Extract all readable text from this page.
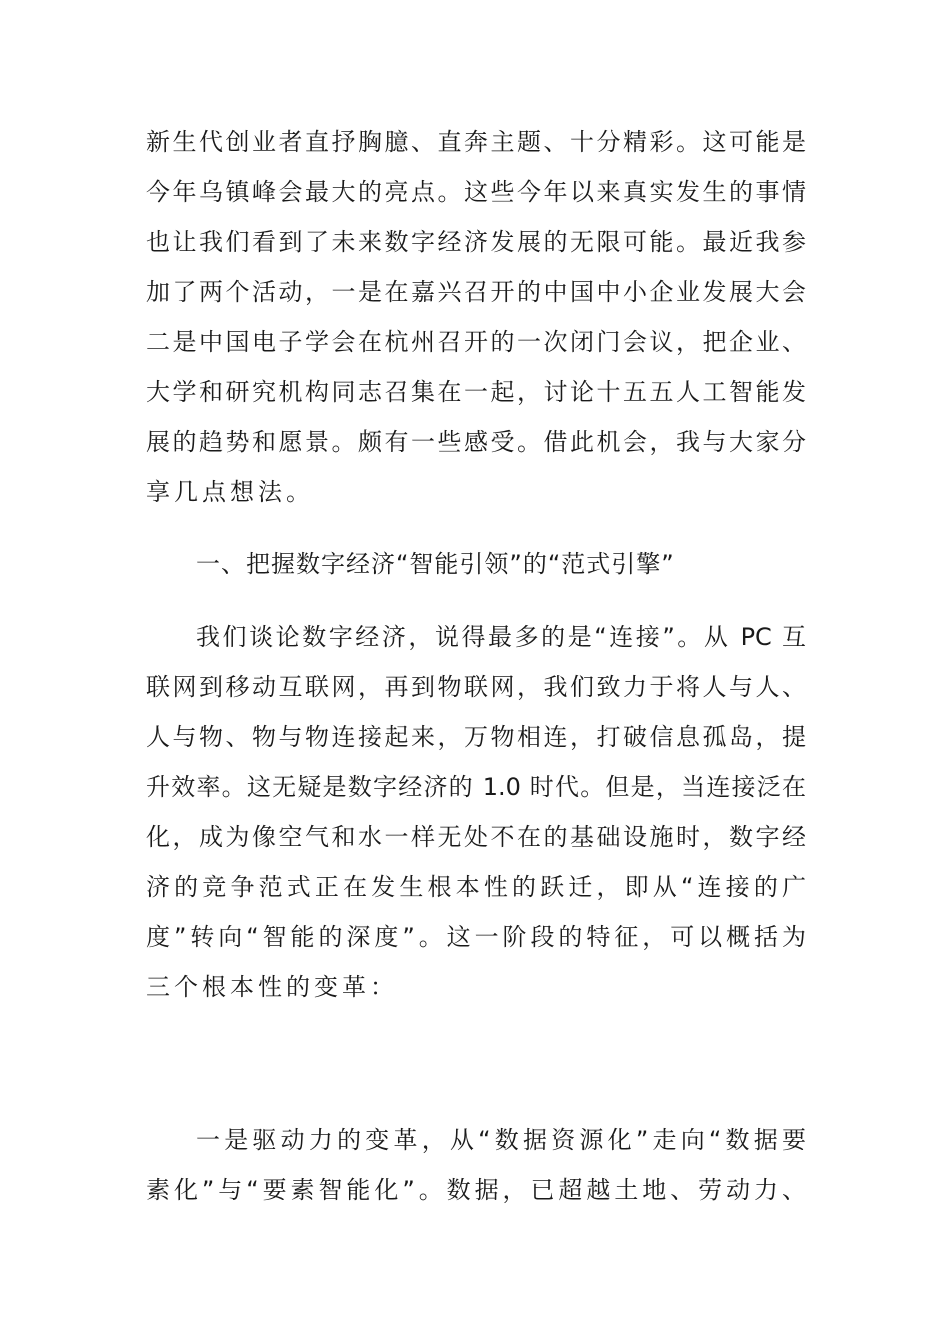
新生代创业者直抒胸臆、直奔主题、十分精彩。这可能是
今年乌镇峰会最大的亮点。这些今年以来真实发生的事情
也让我们看到了未来数字经济发展的无限可能。最近我参
加了两个活动，一是在嘉兴召开的中国中小企业发展大会
二是中国电子学会在杭州召开的一次闭门会议，把企业、
大学和研究机构同志召集在一起，讨论十五五人工智能发
展的趋势和愿景。颇有一些感受。借此机会，我与大家分
享几点想法。
一、把握数字经济“智能引领”的“范式引擎”
我们谈论数字经济，说得最多的是“连接”。从 PC 互
联网到移动互联网，再到物联网，我们致力于将人与人、
人与物、物与物连接起来，万物相连，打破信息孤岛，提
升效率。这无疑是数字经济的 1.0 时代。但是，当连接泛在
化，成为像空气和水一样无处不在的基础设施时，数字经
济的竞争范式正在发生根本性的跃迁，即从“连接的广
度”转向“智能的深度”。这一阶段的特征，可以概括为
三个根本性的变革：
一是驱动力的变革，从“数据资源化”走向“数据要
素化”与“要素智能化”。数据，已超越土地、劳动力、
